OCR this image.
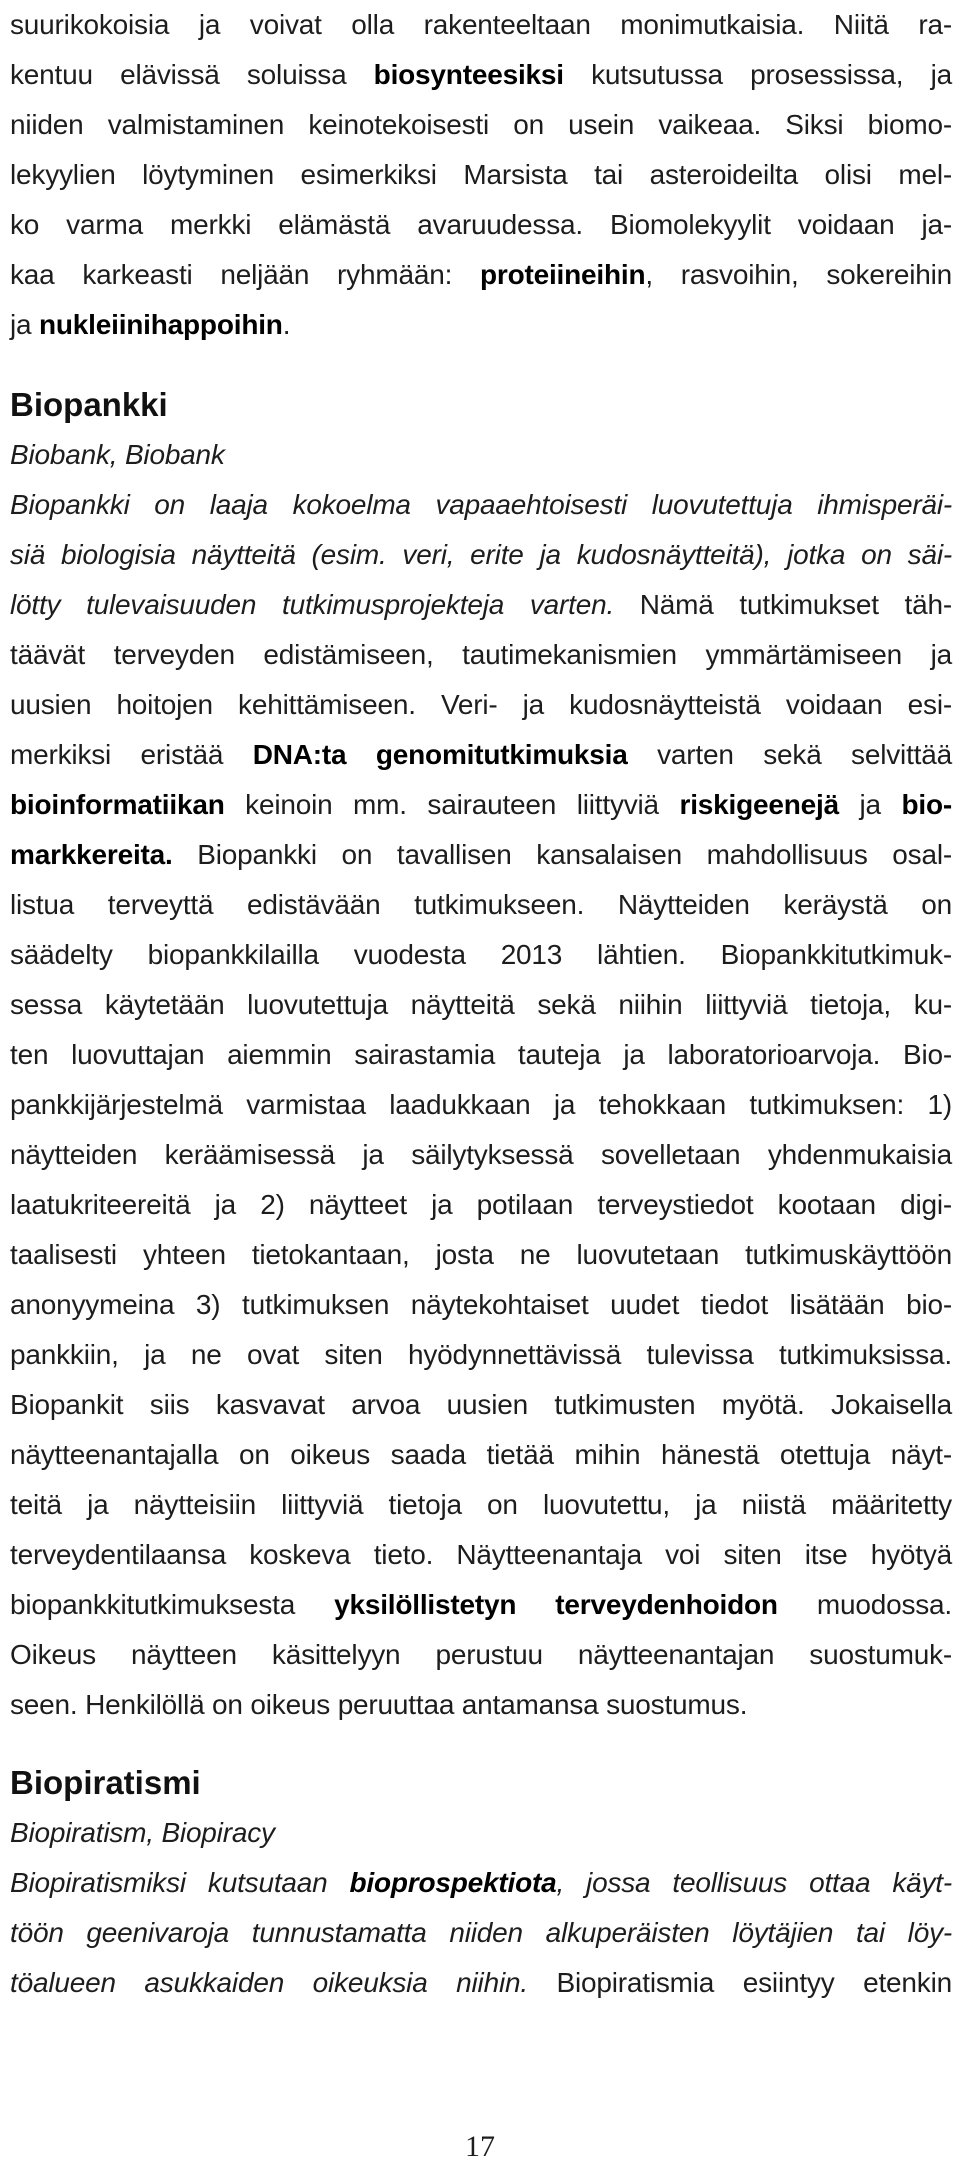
suurikokoisia ja voivat olla rakenteeltaan monimutkaisia. Niitä ra-
kentuu elävissä soluissa biosynteesiksi kutsutussa prosessissa, ja
niiden valmistaminen keinotekoisesti on usein vaikeaa. Siksi biomo-
lekyylien löytyminen esimerkiksi Marsista tai asteroideilta olisi mel-
ko varma merkki elämästä avaruudessa. Biomolekyylit voidaan ja-
kaa karkeasti neljään ryhmään: proteiineihin, rasvoihin, sokereihin
ja nukleiinihappoihin.
Biopankki
Biobank, Biobank
Biopankki on laaja kokoelma vapaaehtoisesti luovutettuja ihmisperäi-
siä biologisia näytteitä (esim. veri, erite ja kudosnäytteitä), jotka on säi-
lötty tulevaisuuden tutkimusprojekteja varten. Nämä tutkimukset täh-
täävät terveyden edistämiseen, tautimekanismien ymmärtämiseen ja
uusien hoitojen kehittämiseen. Veri- ja kudosnäytteistä voidaan esi-
merkiksi eristää DNA:ta genomitutkimuksia varten sekä selvittää
bioinformatiikan keinoin mm. sairauteen liittyviä riskigeenejä ja bio-
markkereita. Biopankki on tavallisen kansalaisen mahdollisuus osal-
listua terveyttä edistävään tutkimukseen. Näytteiden keräystä on
säädelty biopankkilailla vuodesta 2013 lähtien. Biopankkitutkimuk-
sessa käytetään luovutettuja näytteitä sekä niihin liittyviä tietoja, ku-
ten luovuttajan aiemmin sairastamia tauteja ja laboratorioarvoja. Bio-
pankkijärjestelmä varmistaa laadukkaan ja tehokkaan tutkimuksen: 1)
näytteiden keräämisessä ja säilytyksessä sovelletaan yhdenmukaisia
laatukriteereitä ja 2) näytteet ja potilaan terveystiedot kootaan digi-
taalisesti yhteen tietokantaan, josta ne luovutetaan tutkimuskäyttöön
anonyymeina 3) tutkimuksen näytekohtaiset uudet tiedot lisätään bio-
pankkiin, ja ne ovat siten hyödynnettävissä tulevissa tutkimuksissa.
Biopankit siis kasvavat arvoa uusien tutkimusten myötä. Jokaisella
näytteenantajalla on oikeus saada tietää mihin hänestä otettuja näyt-
teitä ja näytteisiin liittyviä tietoja on luovutettu, ja niistä määritetty
terveydentilaansa koskeva tieto. Näytteenantaja voi siten itse hyötyä
biopankkitutkimuksesta yksilöllistetyn terveydenhoidon muodossa.
Oikeus näytteen käsittelyyn perustuu näytteenantajan suostumuk-
seen. Henkilöllä on oikeus peruuttaa antamansa suostumus.
Biopiratismi
Biopiratism, Biopiracy
Biopiratismiksi kutsutaan bioprospektiota, jossa teollisuus ottaa käyt-
töön geenivaroja tunnustamatta niiden alkuperäisten löytäjien tai löy-
töalueen asukkaiden oikeuksia niihin. Biopiratismia esiintyy etenkin
17
